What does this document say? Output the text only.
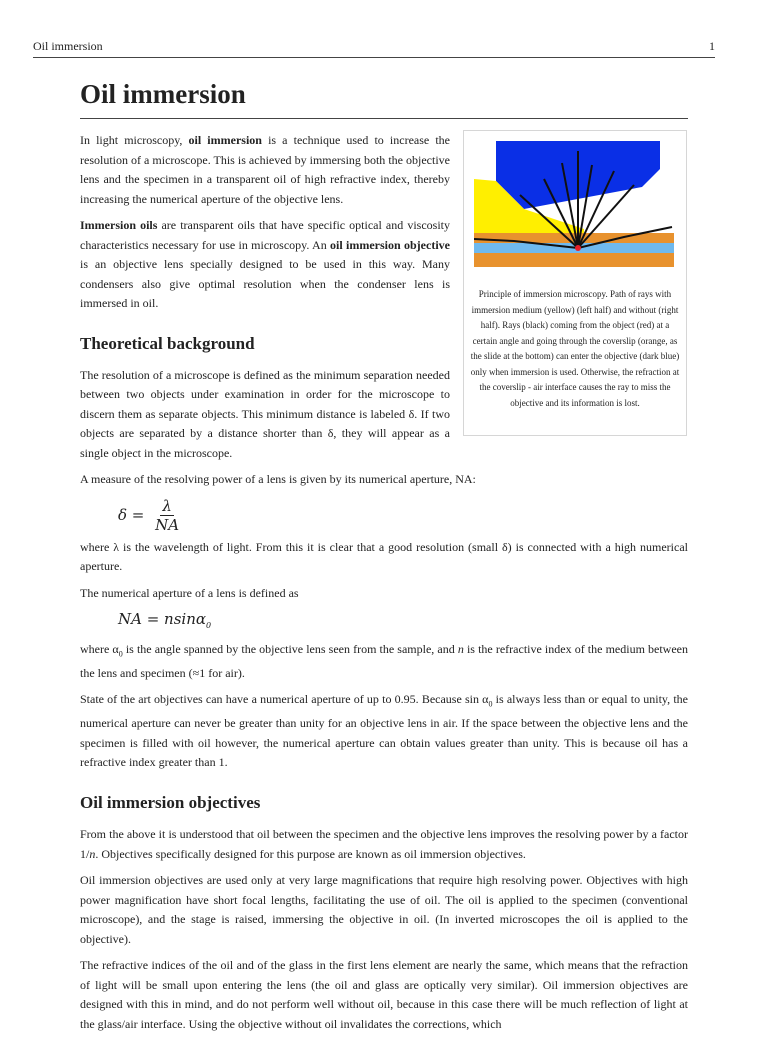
Oil immersion	1
Oil immersion
Principle of immersion microscopy. Path of rays with immersion medium (yellow) (left half) and without (right half). Rays (black) coming from the object (red) at a certain angle and going through the coverslip (orange, as the slide at the bottom) can enter the objective (dark blue) only when immersion is used. Otherwise, the refraction at the coverslip - air interface causes the ray to miss the objective and its information is lost.

In light microscopy, oil immersion is a technique used to increase the resolution of a microscope. This is achieved by immersing both the objective lens and the specimen in a transparent oil of high refractive index, thereby increasing the numerical aperture of the objective lens.

Immersion oils are transparent oils that have specific optical and viscosity characteristics necessary for use in microscopy. An oil immersion objective is an objective lens specially designed to be used in this way. Many condensers also give optimal resolution when the condenser lens is immersed in oil.

Theoretical background

The resolution of a microscope is defined as the minimum separation needed between two objects under examination in order for the microscope to discern them as separate objects. This minimum distance is labeled δ. If two objects are separated by a distance shorter than δ, they will appear as a single object in the microscope.

A measure of the resolving power of a lens is given by its numerical aperture, NA:

$\delta = \frac{\lambda}{NA}$

where λ is the wavelength of light. From this it is clear that a good resolution (small δ) is connected with a high numerical aperture.

The numerical aperture of a lens is defined as

NA = nsinα$_0$

where $\alpha_0$ is the angle spanned by the objective lens seen from the sample, and n is the refractive index of the medium between the lens and specimen (≈1 for air).

State of the art objectives can have a numerical aperture of up to 0.95. Because $\sin \alpha_0$ is always less than or equal to unity, the numerical aperture can never be greater than unity for an objective lens in air. If the space between the objective lens and the specimen is filled with oil however, the numerical aperture can obtain values greater than unity. This is because oil has a refractive index greater than 1.

Oil immersion objectives

From the above it is understood that oil between the specimen and the objective lens improves the resolving power by a factor 1/n. Objectives specifically designed for this purpose are known as oil immersion objectives.

Oil immersion objectives are used only at very large magnifications that require high resolving power. Objectives with high power magnification have short focal lengths, facilitating the use of oil. The oil is applied to the specimen (conventional microscope), and the stage is raised, immersing the objective in oil. (In inverted microscopes the oil is applied to the objective).

The refractive indices of the oil and of the glass in the first lens element are nearly the same, which means that the refraction of light will be small upon entering the lens (the oil and glass are optically very similar). Oil immersion objectives are designed with this in mind, and do not perform well without oil, because in this case there will be much reflection of light at the glass/air interface. Using the objective without oil invalidates the corrections, which
